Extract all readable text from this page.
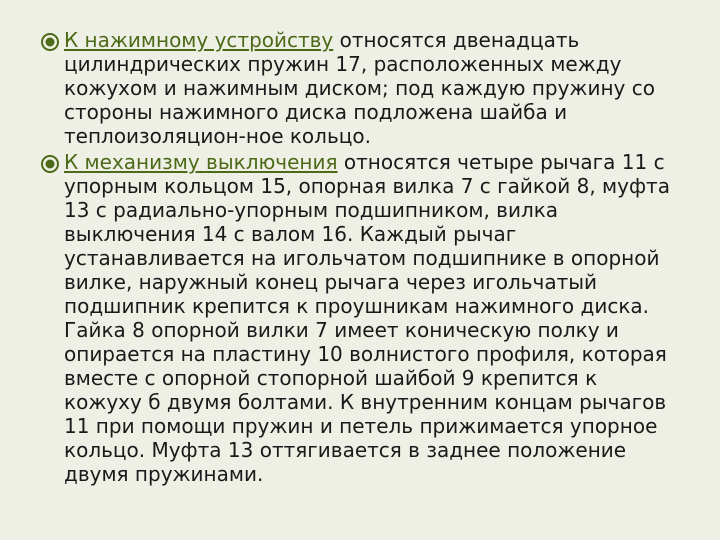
К нажимному устройству относятся двенадцать цилиндрических пружин 17, расположенных между кожухом и нажимным диском; под каждую пружину со стороны нажимного диска подложена шайба и теплоизоляцион-ное кольцо.
К механизму выключения относятся четыре рычага 11 с упорным кольцом 15, опорная вилка 7 с гайкой 8, муфта 13 с радиально-упорным подшипником, вилка выключения 14 с валом 16. Каждый рычаг устанавливается на игольчатом подшипнике в опорной вилке, наружный конец рычага через игольчатый подшипник крепится к проушникам нажимного диска. Гайка 8 опорной вилки 7 имеет коническую полку и опирается на пластину 10 волнистого профиля, которая вместе с опорной стопорной шайбой 9 крепится к кожуху б двумя болтами. К внутренним концам рычагов 11 при помощи пружин и петель прижимается упорное кольцо. Муфта 13 оттягивается в заднее положение двумя пружинами.
